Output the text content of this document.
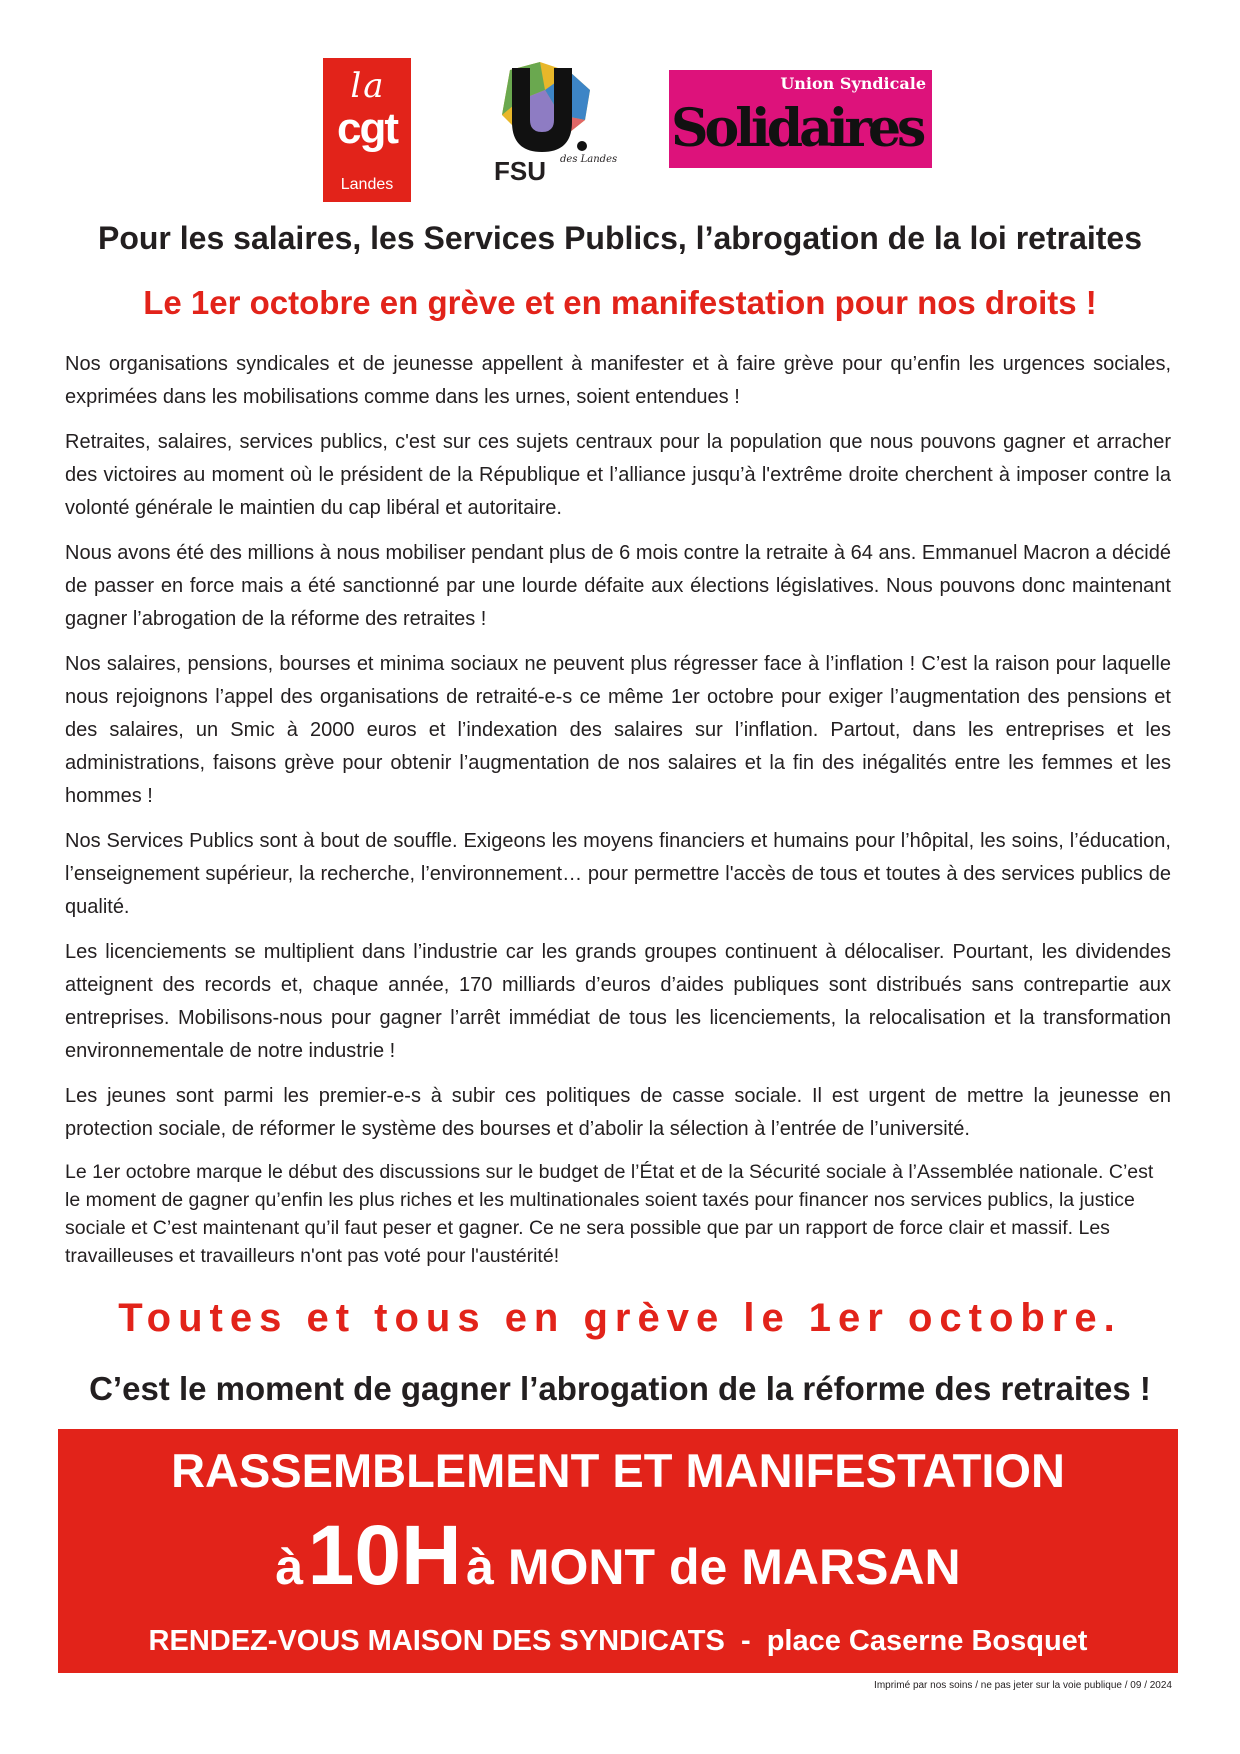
la
cgt
Landes	FSU des Landes
Union Syndicale
Solidaires
Pour les salaires, les Services Publics, l’abrogation de la loi retraites
Le 1er octobre en grève et en manifestation pour nos droits !

Nos organisations syndicales et de jeunesse appellent à manifester et à faire grève pour qu’enfin les urgences sociales, exprimées dans les mobilisations comme dans les urnes, soient entendues !

Retraites, salaires, services publics, c'est sur ces sujets centraux pour la population que nous pouvons gagner et arracher des victoires au moment où le président de la République et l’alliance jusqu’à l'extrême droite cherchent à imposer contre la volonté générale le maintien du cap libéral et autoritaire.

Nous avons été des millions à nous mobiliser pendant plus de 6 mois contre la retraite à 64 ans. Emmanuel Macron a décidé de passer en force mais a été sanctionné par une lourde défaite aux élections législatives. Nous pouvons donc maintenant gagner l’abrogation de la réforme des retraites !

Nos salaires, pensions, bourses et minima sociaux ne peuvent plus régresser face à l’inflation ! C’est la raison pour laquelle nous rejoignons l’appel des organisations de retraité-e-s ce même 1er octobre pour exiger l’augmentation des pensions et des salaires, un Smic à 2000 euros et l’indexation des salaires sur l’inflation. Partout, dans les entreprises et les administrations, faisons grève pour obtenir l’augmentation de nos salaires et la fin des inégalités entre les femmes et les hommes !

Nos Services Publics sont à bout de souffle. Exigeons les moyens financiers et humains pour l’hôpital, les soins, l’éducation, l’enseignement supérieur, la recherche, l’environnement… pour permettre l'accès de tous et toutes à des services publics de qualité.

Les licenciements se multiplient dans l’industrie car les grands groupes continuent à délocaliser. Pourtant, les dividendes atteignent des records et, chaque année, 170 milliards d’euros d’aides publiques sont distribués sans contrepartie aux entreprises. Mobilisons-nous pour gagner l’arrêt immédiat de tous les licenciements, la relocalisation et la transformation environnementale de notre industrie !

Les jeunes sont parmi les premier-e-s à subir ces politiques de casse sociale. Il est urgent de mettre la jeunesse en protection sociale, de réformer le système des bourses et d’abolir la sélection à l’entrée de l’université.

Le 1er octobre marque le début des discussions sur le budget de l’État et de la Sécurité sociale à l’Assemblée nationale. C’est le moment de gagner qu’enfin les plus riches et les multinationales soient taxés pour financer nos services publics, la justice sociale et C’est maintenant qu’il faut peser et gagner. Ce ne sera possible que par un rapport de force clair et massif. Les travailleuses et travailleurs n'ont pas voté pour l'austérité!

Toutes et tous en grève le 1er octobre.
C’est le moment de gagner l’abrogation de la réforme des retraites !
RASSEMBLEMENT ET MANIFESTATION
à 10H à MONT de MARSAN
RENDEZ-VOUS MAISON DES SYNDICATS  -  place Caserne Bosquet
Imprimé par nos soins / ne pas jeter sur la voie publique / 09 / 2024
